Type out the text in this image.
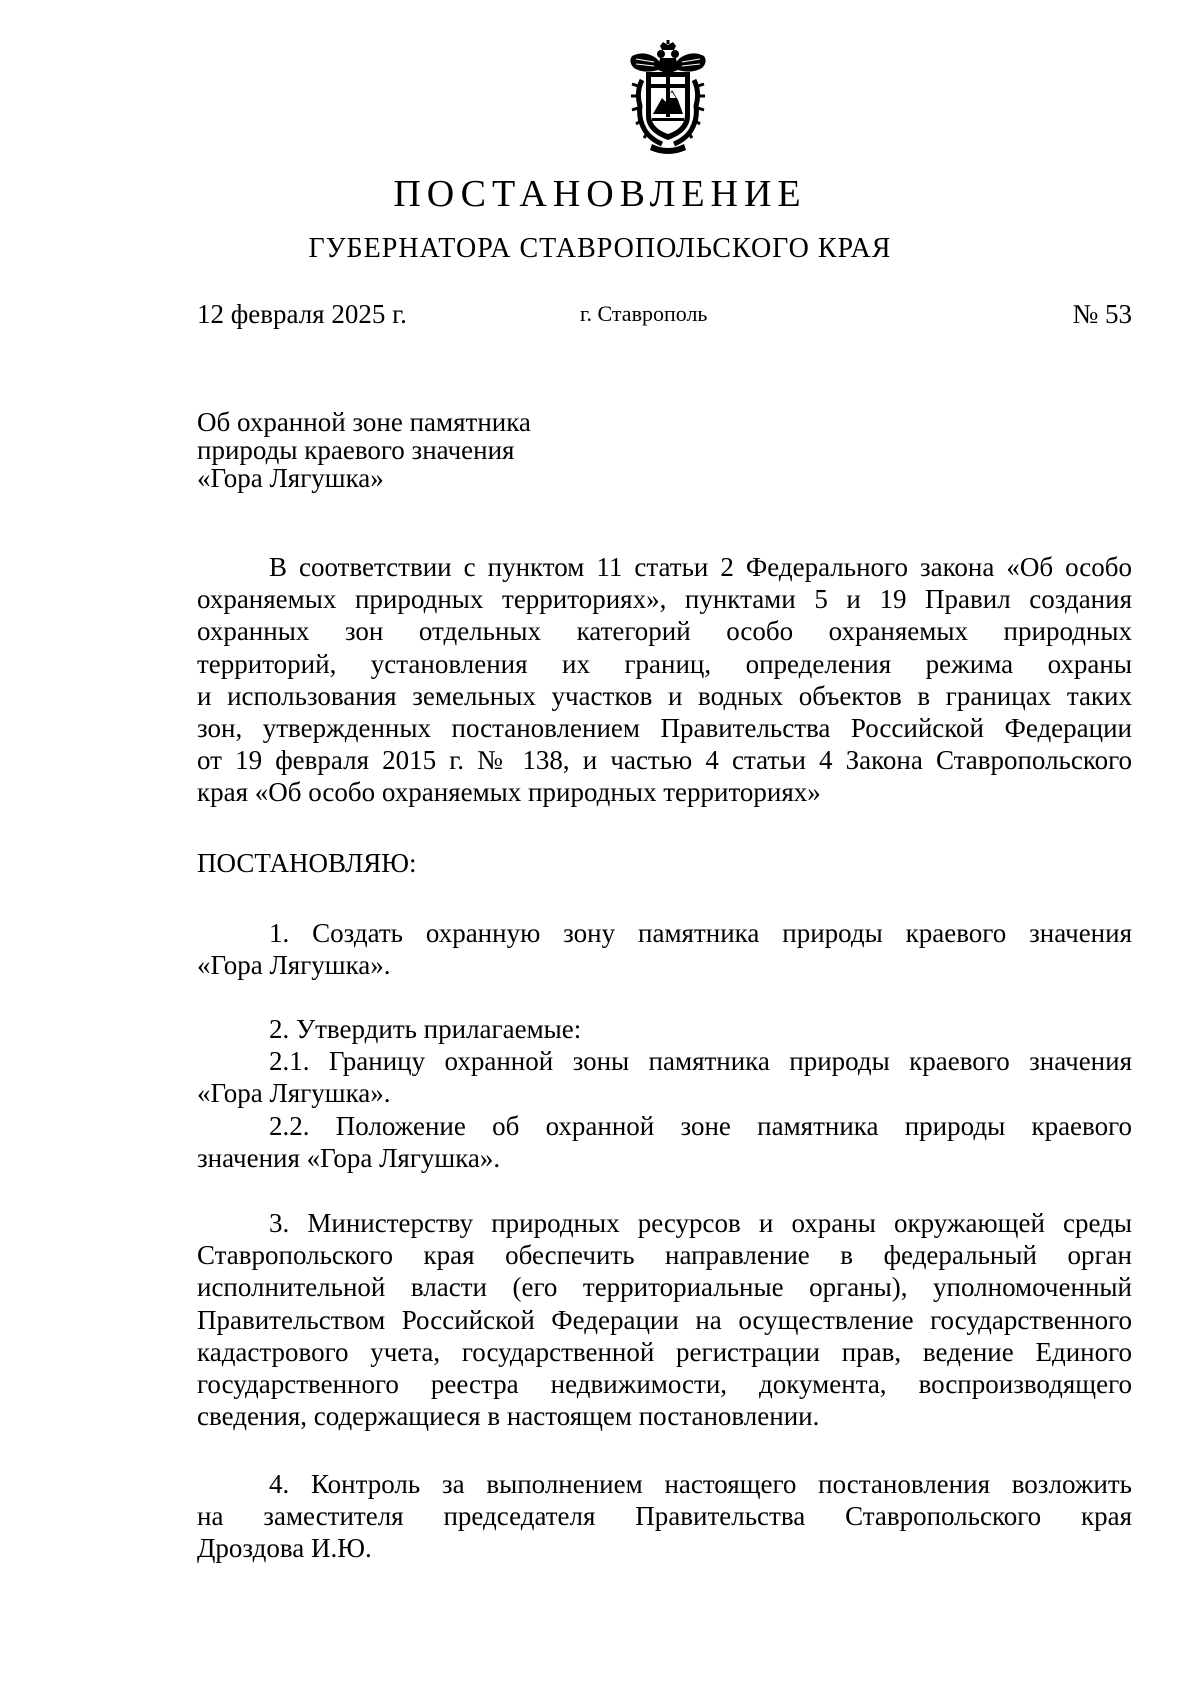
ПОСТАНОВЛЕНИЕ
ГУБЕРНАТОРА СТАВРОПОЛЬСКОГО КРАЯ
12 февраля 2025 г.	г. Ставрополь	№ 53
Об охранной зоне памятника
природы краевого значения
«Гора Лягушка»
В соответствии с пунктом 11 статьи 2 Федерального закона «Об особо
охраняемых природных территориях», пунктами 5 и 19 Правил создания
охранных зон отдельных категорий особо охраняемых природных
территорий, установления их границ, определения режима охраны
и использования земельных участков и водных объектов в границах таких
зон, утвержденных постановлением Правительства Российской Федерации
от 19 февраля 2015 г. № 138, и частью 4 статьи 4 Закона Ставропольского
края «Об особо охраняемых природных территориях»
ПОСТАНОВЛЯЮ:
1. Создать охранную зону памятника природы краевого значения
«Гора Лягушка».
2. Утвердить прилагаемые:
2.1. Границу охранной зоны памятника природы краевого значения
«Гора Лягушка».
2.2. Положение об охранной зоне памятника природы краевого
значения «Гора Лягушка».
3. Министерству природных ресурсов и охраны окружающей среды
Ставропольского края обеспечить направление в федеральный орган
исполнительной власти (его территориальные органы), уполномоченный
Правительством Российской Федерации на осуществление государственного
кадастрового учета, государственной регистрации прав, ведение Единого
государственного реестра недвижимости, документа, воспроизводящего
сведения, содержащиеся в настоящем постановлении.
4. Контроль за выполнением настоящего постановления возложить
на заместителя председателя Правительства Ставропольского края
Дроздова И.Ю.
